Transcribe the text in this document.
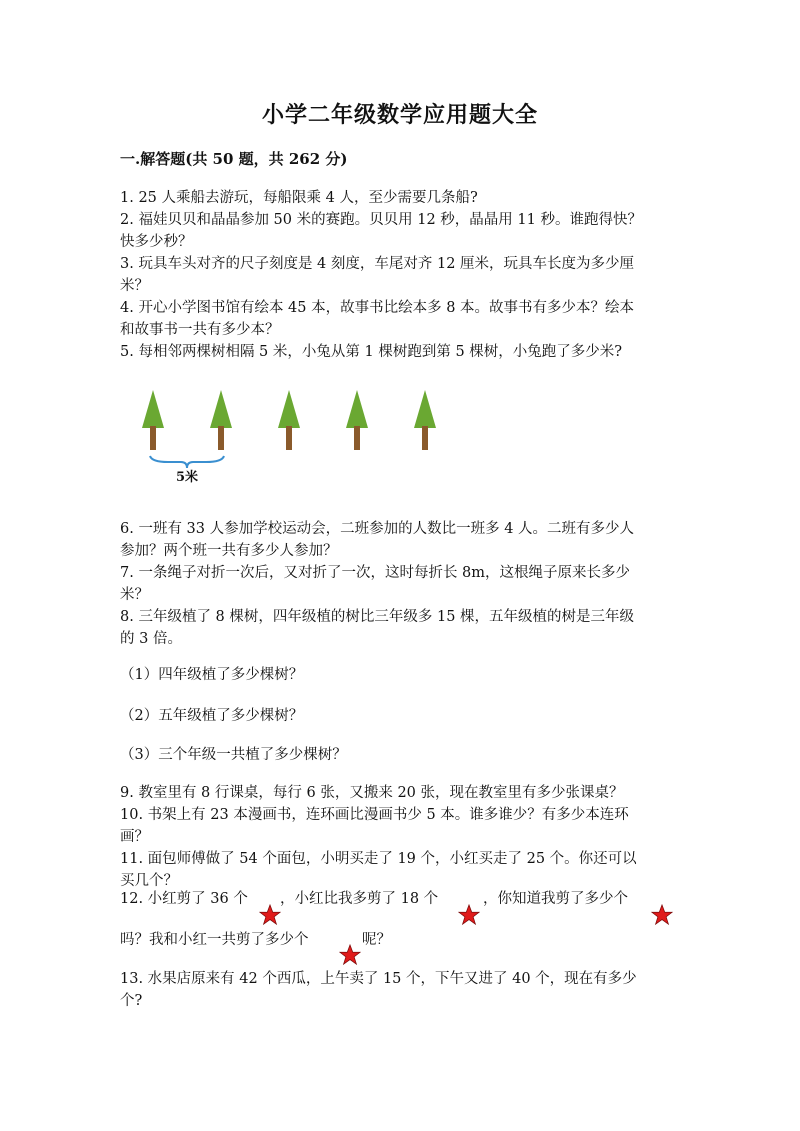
小学二年级数学应用题大全
一.解答题(共 50 题，共 262 分)
1. 25 人乘船去游玩，每船限乘 4 人，至少需要几条船?
2. 福娃贝贝和晶晶参加 50 米的赛跑。贝贝用 12 秒，晶晶用 11 秒。谁跑得快？
快多少秒？
3. 玩具车头对齐的尺子刻度是 4 刻度，车尾对齐 12 厘米，玩具车长度为多少厘
米？
4. 开心小学图书馆有绘本 45 本，故事书比绘本多 8 本。故事书有多少本？绘本
和故事书一共有多少本？
5. 每相邻两棵树相隔 5 米，小兔从第 1 棵树跑到第 5 棵树，小兔跑了多少米?
5米
6. 一班有 33 人参加学校运动会，二班参加的人数比一班多 4 人。二班有多少人
参加？两个班一共有多少人参加？
7. 一条绳子对折一次后，又对折了一次，这时每折长 8m，这根绳子原来长多少
米？
8. 三年级植了 8 棵树，四年级植的树比三年级多 15 棵，五年级植的树是三年级
的 3 倍。
（1）四年级植了多少棵树？
（2）五年级植了多少棵树？
（3）三个年级一共植了多少棵树？
9. 教室里有 8 行课桌，每行 6 张，又搬来 20 张，现在教室里有多少张课桌？
10. 书架上有 23 本漫画书，连环画比漫画书少 5 本。谁多谁少？有多少本连环
画？
11. 面包师傅做了 54 个面包，小明买走了 19 个，小红买走了 25 个。你还可以
买几个？
12. 小红剪了 36 个 ，小红比我多剪了 18 个	，你知道我剪了多少个
吗？我和小红一共剪了多少个	呢？
13. 水果店原来有 42 个西瓜，上午卖了 15 个，下午又进了 40 个，现在有多少
个?
